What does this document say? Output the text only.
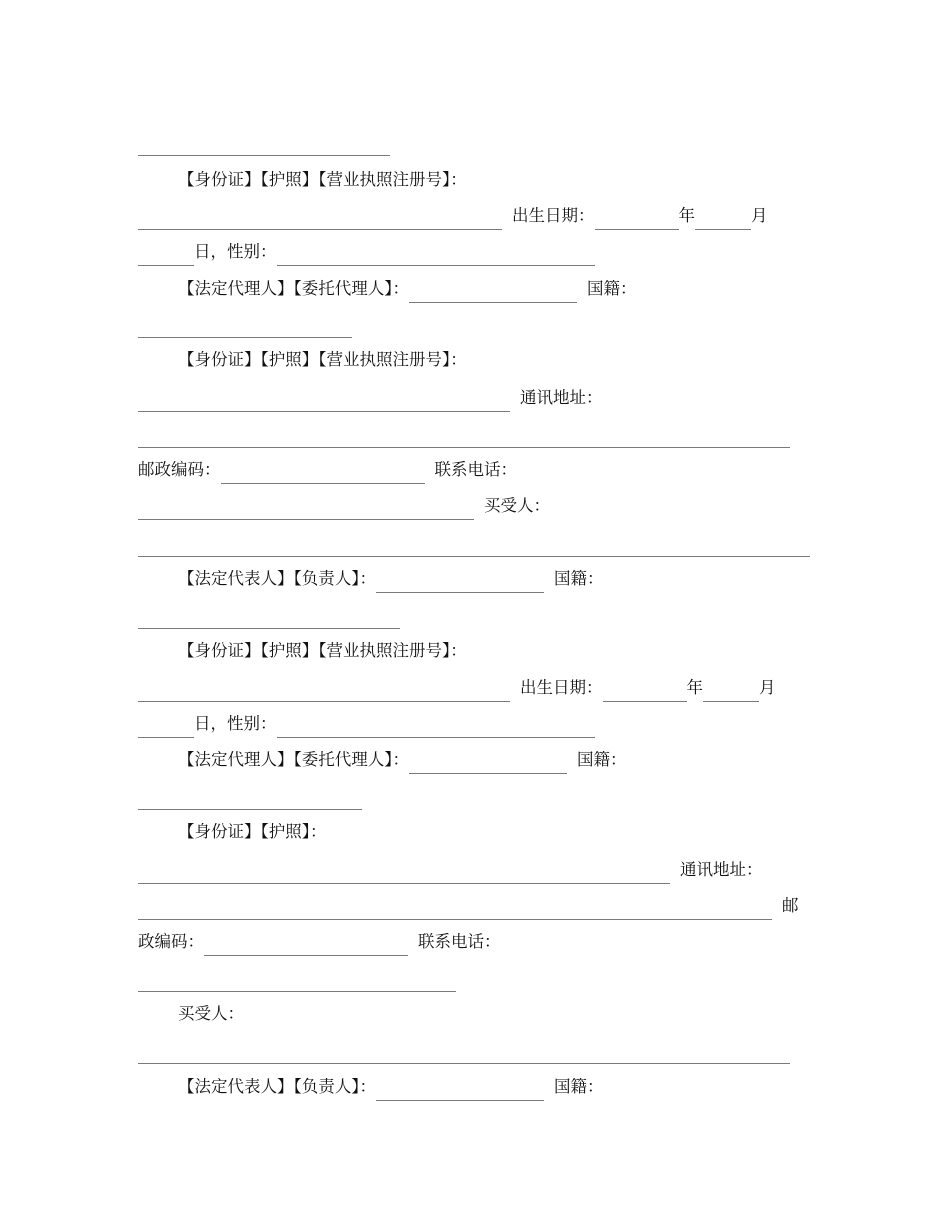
【身份证】【护照】【营业执照注册号】：
出生日期：	年	月
日，性别：
【法定代理人】【委托代理人】：	国籍：
【身份证】【护照】【营业执照注册号】：
通讯地址：
邮政编码：	联系电话：
买受人：
【法定代表人】【负责人】：	国籍：
【身份证】【护照】【营业执照注册号】：
出生日期：	年	月
日，性别：
【法定代理人】【委托代理人】：	国籍：
【身份证】【护照】：
通讯地址：
邮
政编码：	联系电话：
买受人：
【法定代表人】【负责人】：	国籍：
